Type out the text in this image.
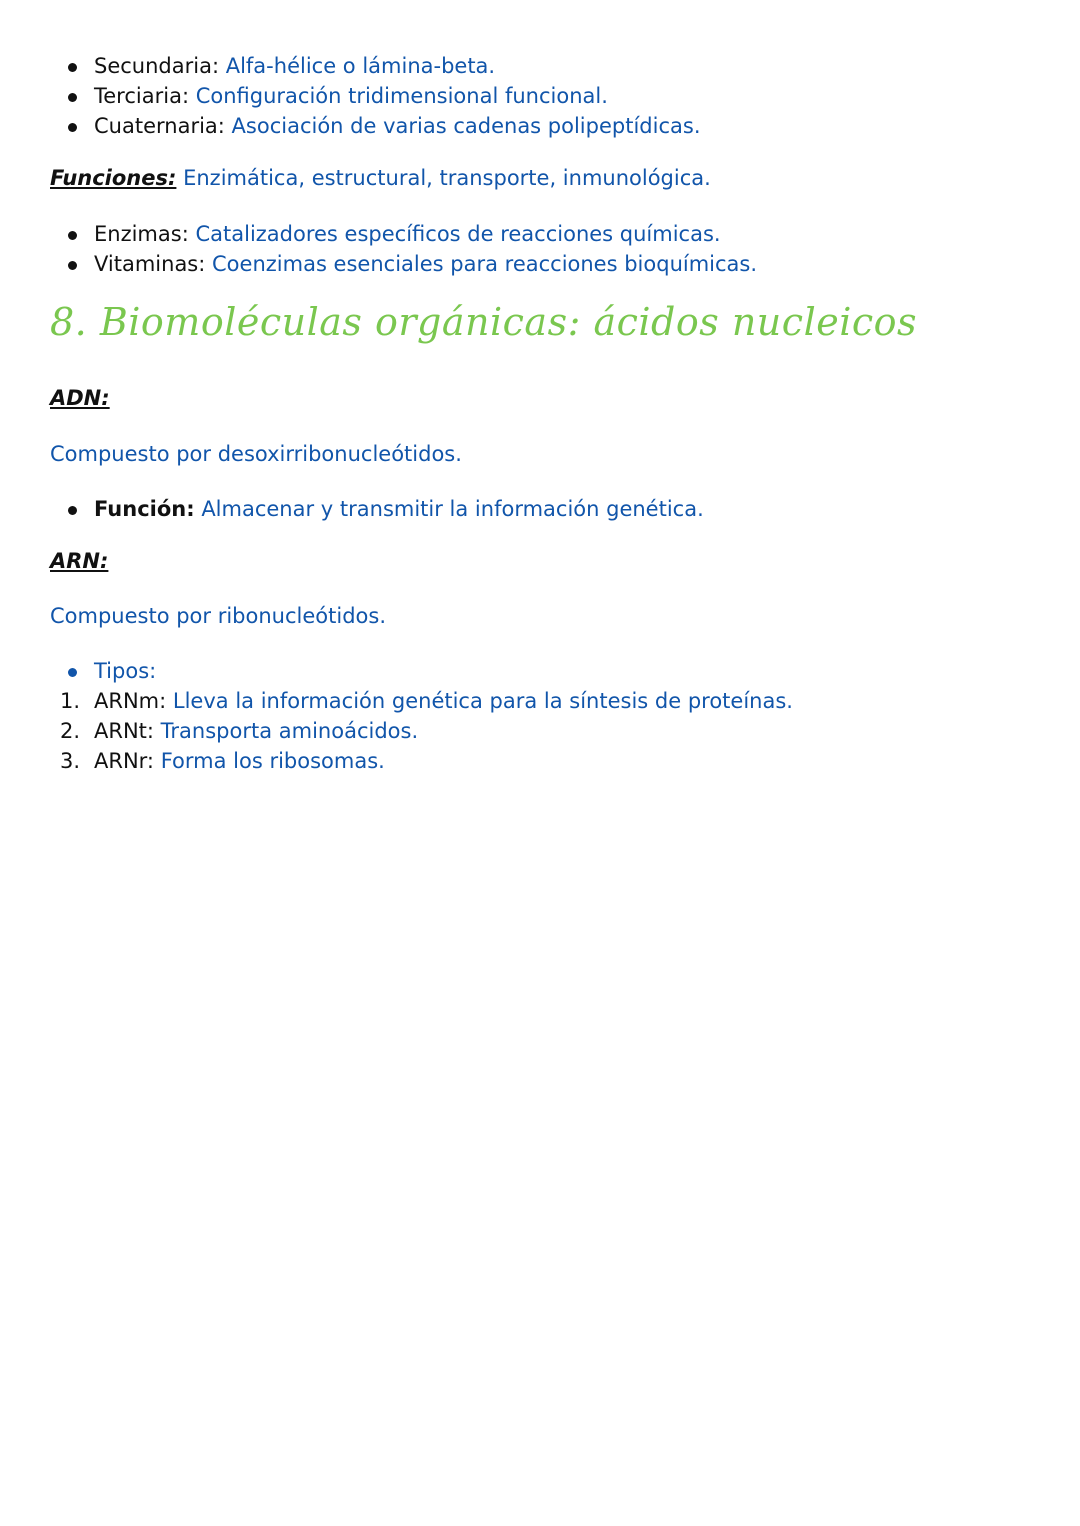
Secundaria: Alfa-hélice o lámina-beta.
Terciaria: Configuración tridimensional funcional.
Cuaternaria: Asociación de varias cadenas polipeptídicas.
Funciones: Enzimática, estructural, transporte, inmunológica.
Enzimas: Catalizadores específicos de reacciones químicas.
Vitaminas: Coenzimas esenciales para reacciones bioquímicas.
8. Biomoléculas orgánicas: ácidos nucleicos
ADN:
Compuesto por desoxirribonucleótidos.
Función: Almacenar y transmitir la información genética.
ARN:
Compuesto por ribonucleótidos.
Tipos:
1. ARNm: Lleva la información genética para la síntesis de proteínas.
2. ARNt: Transporta aminoácidos.
3. ARNr: Forma los ribosomas.
